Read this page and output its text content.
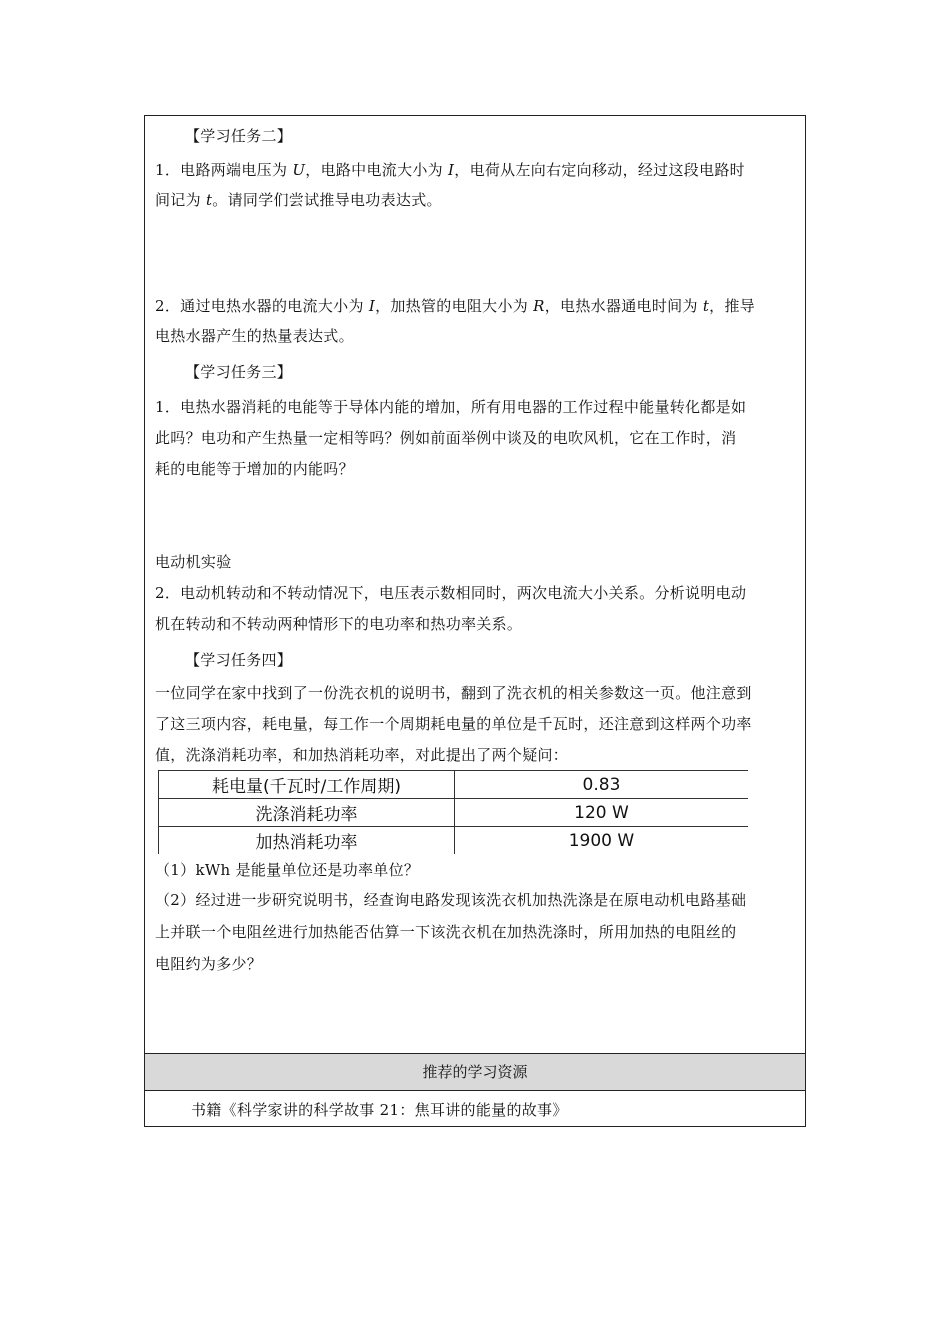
【学习任务二】
1．电路两端电压为 U，电路中电流大小为 I，电荷从左向右定向移动，经过这段电路时
间记为 t。请同学们尝试推导电功表达式。
2．通过电热水器的电流大小为 I，加热管的电阻大小为 R，电热水器通电时间为 t，推导
电热水器产生的热量表达式。
【学习任务三】
1．电热水器消耗的电能等于导体内能的增加，所有用电器的工作过程中能量转化都是如
此吗？电功和产生热量一定相等吗？例如前面举例中谈及的电吹风机，它在工作时，消
耗的电能等于增加的内能吗？
电动机实验
2．电动机转动和不转动情况下，电压表示数相同时，两次电流大小关系。分析说明电动
机在转动和不转动两种情形下的电功率和热功率关系。
【学习任务四】
一位同学在家中找到了一份洗衣机的说明书，翻到了洗衣机的相关参数这一页。他注意到
了这三项内容，耗电量，每工作一个周期耗电量的单位是千瓦时，还注意到这样两个功率
值，洗涤消耗功率，和加热消耗功率，对此提出了两个疑问：
耗电量(千瓦时/工作周期)	0.83
洗涤消耗功率	120 W
加热消耗功率	1900 W
（1）kWh 是能量单位还是功率单位？
（2）经过进一步研究说明书，经查询电路发现该洗衣机加热洗涤是在原电动机电路基础
上并联一个电阻丝进行加热能否估算一下该洗衣机在加热洗涤时，所用加热的电阻丝的
电阻约为多少？
推荐的学习资源
书籍《科学家讲的科学故事 21：焦耳讲的能量的故事》
